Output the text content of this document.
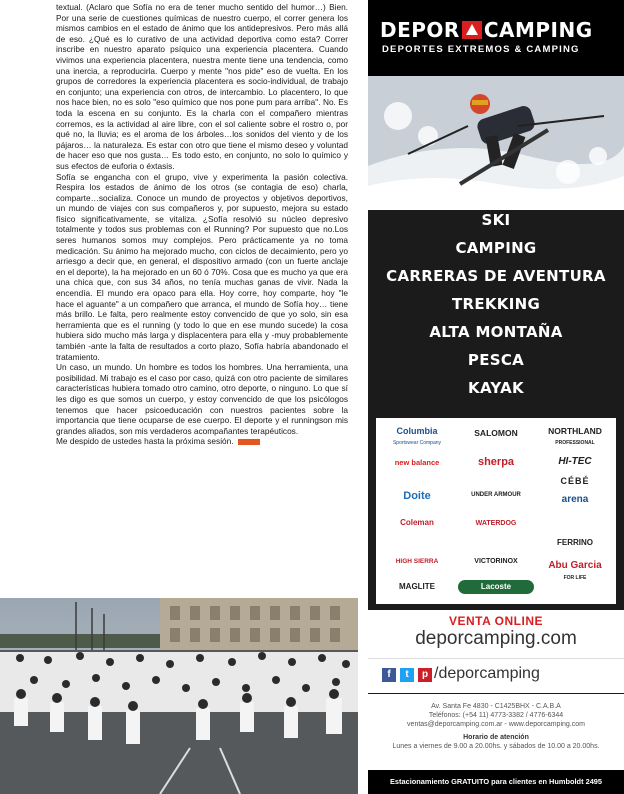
textual. (Aclaro que Sofía no era de tener mucho sentido del humor…) Bien. Por una serie de cuestiones químicas de nuestro cuerpo, el correr genera los mismos cambios en el estado de ánimo que los antidepresivos. Pero más allá de eso. ¿Qué es lo curativo de una actividad deportiva como esta? Correr inscribe en nuestro aparato psíquico una experiencia placentera. Cuando vivimos una experiencia placentera, nuestra mente tiene una tendencia, como una inercia, a reproducirla. Cuerpo y mente "nos pide" eso de vuelta. En los grupos de corredores la experiencia placentera es socio-individual, de trabajo en conjunto; una experiencia con otros, de intercambio. Lo placentero, lo que nos hace bien, no es solo "eso químico que nos pone pum para arriba". No. Es toda la escena en su conjunto. Es la charla con el compañero mientras corremos, es la actividad al aire libre, con el sol caliente sobre el rostro o, por qué no, la lluvia; es el aroma de los árboles…los sonidos del viento y de los pájaros… la naturaleza. Es estar con otro que tiene el mismo deseo y voluntad de hacer eso que nos gusta… Es todo esto, en conjunto, no solo lo químico y sus efectos de euforia o éxtasis.

Sofía se engancha con el grupo, vive y experimenta la pasión colectiva. Respira los estados de ánimo de los otros (se contagia de eso) charla, comparte…socializa. Conoce un mundo de proyectos y objetivos deportivos, un mundo de viajes con sus compañeros y, por supuesto, mejora su estado físico significativamente, se vitaliza. ¿Sofía resolvió su núcleo depresivo totalmente y todos sus problemas con el Running? Por supuesto que no.Los seres humanos somos muy complejos. Pero prácticamente ya no toma medicación. Su ánimo ha mejorado mucho, con ciclos de decaimiento, pero yo arriesgo a decir que, en general, el dispositivo armado (con un fuerte anclaje en el deporte), la ha mejorado en un 60 ó 70%. Cosa que es mucho ya que era una chica que, con sus 34 años, no tenía muchas ganas de vivir. Nada la encendía. El mundo era opaco para ella. Hoy corre, hoy comparte, hoy "le hace el aguante" a un compañero que arranca, el mundo de Sofía hoy… tiene más brillo. Le falta, pero realmente estoy convencido de que yo solo, sin esa herramienta que es el running (y todo lo que en ese mundo sucede) la cosa hubiera sido mucho más larga y displacentera para ella y -muy probablemente también -ante la falta de resultados a corto plazo, Sofía habría abandonado el tratamiento.

Un caso, un mundo. Un hombre es todos los hombres. Una herramienta, una posibilidad. Mi trabajo es el caso por caso, quizá con otro paciente de similares características hubiera tomado otro camino, otro deporte, o ninguno. Lo que sí les digo es que somos un cuerpo, y estoy convencido de que los psicólogos tenemos que hacer psicoeducación con nuestros pacientes sobre la importancia que tiene ocuparse de ese cuerpo. El deporte y el runningson mis grandes aliados, son mis verdaderos acompañantes terapéuticos.

Me despido de ustedes hasta la próxima sesión.

DEPOR CAMPING
DEPORTES EXTREMOS & CAMPING
SKI
CAMPING
CARRERAS DE AVENTURA
TREKKING
ALTA MONTAÑA
PESCA
KAYAK
Columbia
Sportswear Company
SALOMON	NORTHLAND
PROFESSIONAL
new balance	sherpa	HI-TEC
CÉBÉ
Doite	UNDER ARMOUR	arena
Coleman	WATERDOG
FERRINO
HIGH SIERRA	VICTORINOX	Abu Garcia
FOR LIFE
MAGLITE	Lacoste
VENTA ONLINE
deporcamping.com
f	t	p /deporcamping
Av. Santa Fe 4830 - C1425BHX - C.A.B.A
Teléfonos: (+54 11) 4773-3382 / 4776-6344
ventas@deporcamping.com.ar - www.deporcamping.com
Horario de atención
Lunes a viernes de 9.00 a 20.00hs. y sábados de 10.00 a 20.00hs.
Estacionamiento GRATUITO para clientes en Humboldt 2495
